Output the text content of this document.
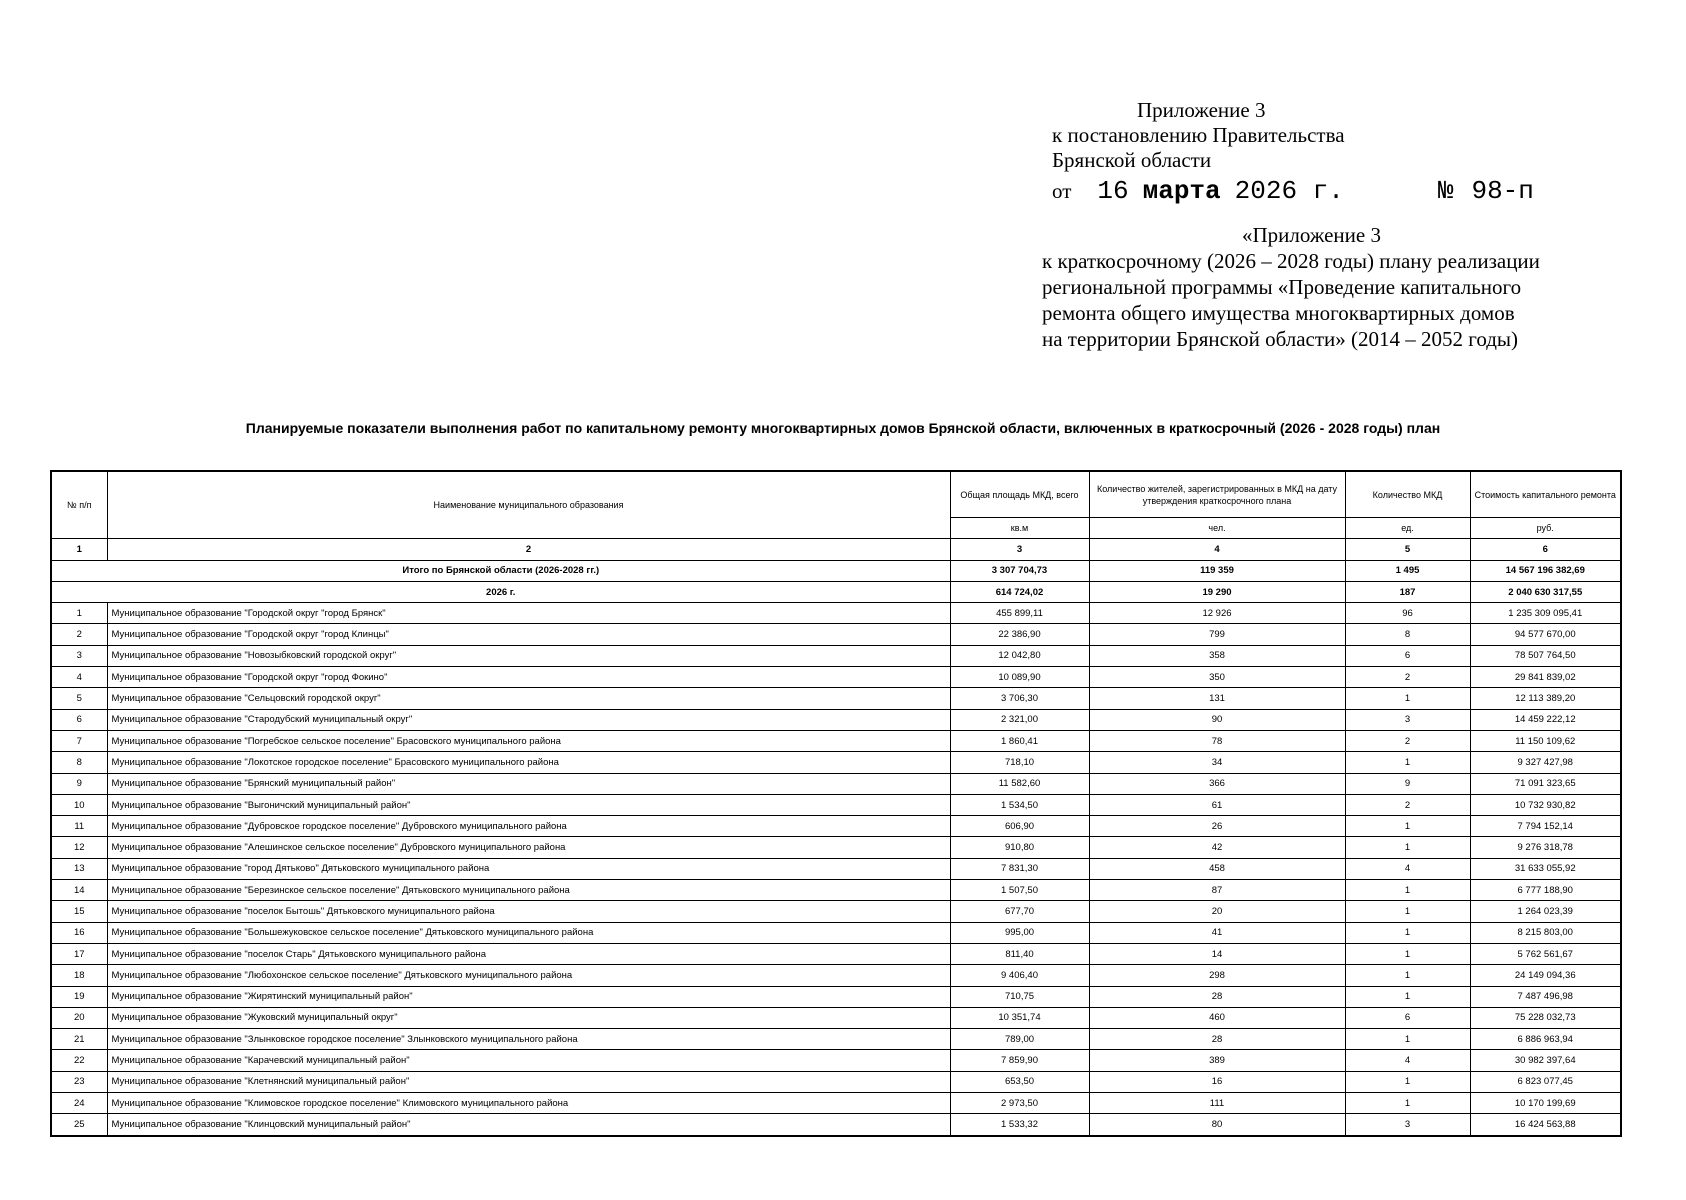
Приложение 3
к постановлению Правительства
Брянской области
от 16 марта 2026 г.	№ 98-п
«Приложение 3
к краткосрочному (2026 – 2028 годы) плану реализации
региональной программы «Проведение капитального
ремонта общего имущества многоквартирных домов
на территории Брянской области» (2014 – 2052 годы)
Планируемые показатели выполнения работ по капитальному ремонту многоквартирных домов Брянской области, включенных в краткосрочный (2026 - 2028 годы) план
№ п/п	Наименование муниципального образования	Общая площадь МКД, всего	Количество жителей, зарегистрированных в МКД на дату утверждения краткосрочного плана	Количество МКД	Стоимость капитального ремонта
		кв.м	чел.	ед.	руб.
1	2	3	4	5	6
Итого по Брянской области (2026-2028 гг.)		3 307 704,73	119 359	1 495	14 567 196 382,69
2026 г.		614 724,02	19 290	187	2 040 630 317,55
1	Муниципальное образование "Городской округ "город Брянск"	455 899,11	12 926	96	1 235 309 095,41
2	Муниципальное образование "Городской округ "город Клинцы"	22 386,90	799	8	94 577 670,00
3	Муниципальное образование "Новозыбковский городской округ"	12 042,80	358	6	78 507 764,50
4	Муниципальное образование "Городской округ "город Фокино"	10 089,90	350	2	29 841 839,02
5	Муниципальное образование "Сельцовский городской округ"	3 706,30	131	1	12 113 389,20
6	Муниципальное образование "Стародубский муниципальный округ"	2 321,00	90	3	14 459 222,12
7	Муниципальное образование "Погребское сельское поселение" Брасовского муниципального района	1 860,41	78	2	11 150 109,62
8	Муниципальное образование "Локотское городское поселение" Брасовского муниципального района	718,10	34	1	9 327 427,98
9	Муниципальное образование "Брянский муниципальный район"	11 582,60	366	9	71 091 323,65
10	Муниципальное образование "Выгоничский муниципальный район"	1 534,50	61	2	10 732 930,82
11	Муниципальное образование "Дубровское городское поселение" Дубровского муниципального района	606,90	26	1	7 794 152,14
12	Муниципальное образование "Алешинское сельское поселение" Дубровского муниципального района	910,80	42	1	9 276 318,78
13	Муниципальное образование "город Дятьково" Дятьковского муниципального района	7 831,30	458	4	31 633 055,92
14	Муниципальное образование "Березинское сельское поселение" Дятьковского муниципального района	1 507,50	87	1	6 777 188,90
15	Муниципальное образование "поселок Бытошь" Дятьковского муниципального района	677,70	20	1	1 264 023,39
16	Муниципальное образование "Большежуковское сельское поселение" Дятьковского муниципального района	995,00	41	1	8 215 803,00
17	Муниципальное образование "поселок Старь" Дятьковского муниципального района	811,40	14	1	5 762 561,67
18	Муниципальное образование "Любохонское сельское поселение" Дятьковского муниципального района	9 406,40	298	1	24 149 094,36
19	Муниципальное образование "Жирятинский муниципальный район"	710,75	28	1	7 487 496,98
20	Муниципальное образование "Жуковский муниципальный округ"	10 351,74	460	6	75 228 032,73
21	Муниципальное образование "Злынковское городское поселение" Злынковского муниципального района	789,00	28	1	6 886 963,94
22	Муниципальное образование "Карачевский муниципальный район"	7 859,90	389	4	30 982 397,64
23	Муниципальное образование "Клетнянский муниципальный район"	653,50	16	1	6 823 077,45
24	Муниципальное образование "Климовское городское поселение" Климовского муниципального района	2 973,50	111	1	10 170 199,69
25	Муниципальное образование "Клинцовский муниципальный район"	1 533,32	80	3	16 424 563,88
